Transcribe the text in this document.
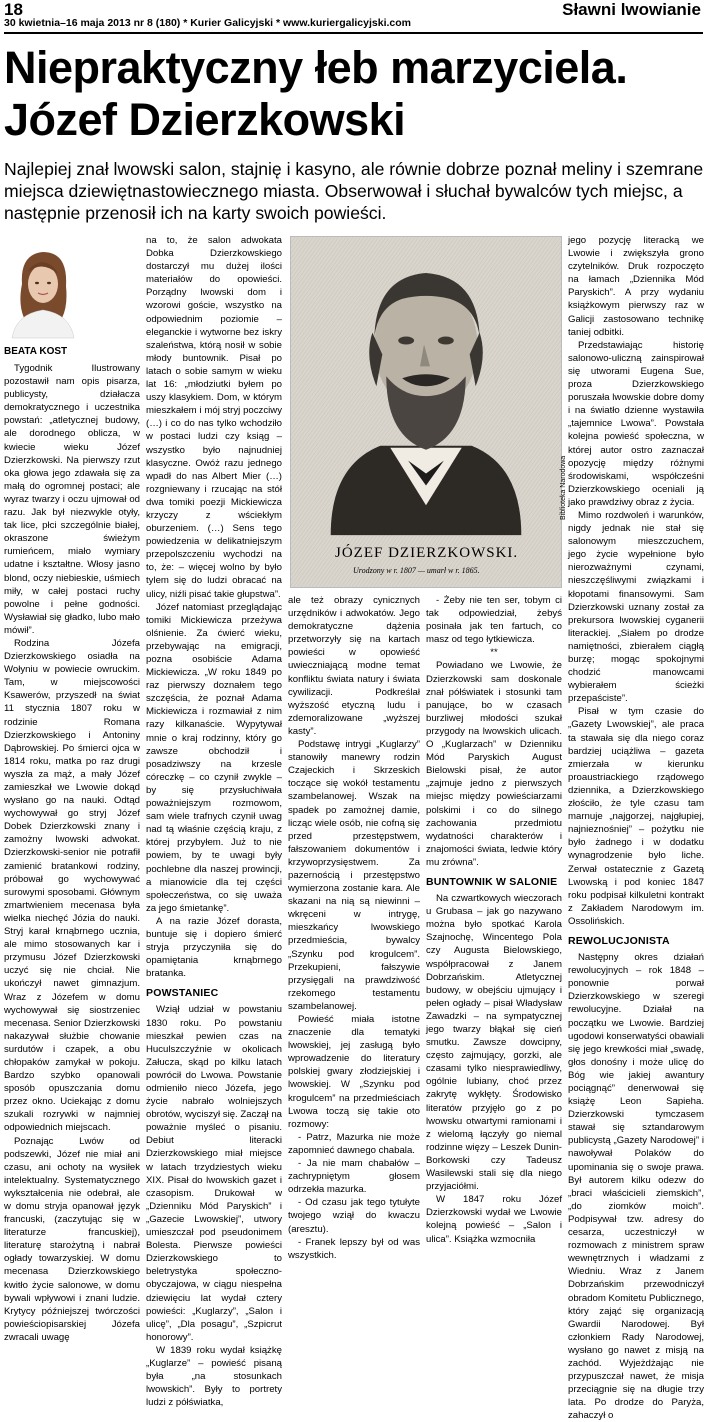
18	Sławni lwowianie
30 kwietnia–16 maja 2013 nr 8 (180) * Kurier Galicyjski * www.kuriergalicyjski.com
Niepraktyczny łeb marzyciela.
Józef Dzierzkowski
Najlepiej znał lwowski salon, stajnię i kasyno, ale równie dobrze poznał meliny i szemrane miejsca dziewiętnastowiecznego miasta. Obserwował i słuchał bywalców tych miejsc, a następnie przenosił ich na karty swoich powieści.
BEATA KOST

Tygodnik Ilustrowany pozostawił nam opis pisarza, publicysty, działacza demokratycznego i uczestnika powstań: „atletycznej budowy, ale dorodnego oblicza, w kwiecie wieku Józef Dzierzkowski. Na pierwszy rzut oka głowa jego zdawała się za małą do ogromnej postaci; ale wyraz twarzy i oczu ujmował od razu. Jak był niezwykle otyły, tak lice, płci szczególnie białej, okraszone świeżym rumieńcem, miało wymiary udatne i kształtne. Włosy jasno blond, oczy niebieskie, uśmiech miły, w całej postaci ruchy powolne i pełne godności. Wysławiał się gładko, lubo mało mówił”.

Rodzina Józefa Dzierzkowskiego osiadła na Wołyniu w powiecie owruckim. Tam, w miejscowości Ksawerów, przyszedł na świat 11 stycznia 1807 roku w rodzinie Romana Dzierzkowskiego i Antoniny Dąbrowskiej. Po śmierci ojca w 1814 roku, matka po raz drugi wyszła za mąż, a mały Józef zamieszkał we Lwowie dokąd wysłano go na nauki. Odtąd wychowywał go stryj Józef Dobek Dzierzkowski znany i zamożny lwowski adwokat. Dzierzkowski-senior nie potrafił zamienić bratankowi rodziny, próbował go wychowywać surowymi sposobami. Głównym zmartwieniem mecenasa była wielka niechęć Józia do nauki. Stryj karał krnąbrnego ucznia, ale mimo stosowanych kar i przymusu Józef Dzierzkowski uczyć się nie chciał. Nie ukończył nawet gimnazjum. Wraz z Józefem w domu wychowywał się siostrzeniec mecenasa. Senior Dzierzkowski nakazywał służbie chowanie surdutów i czapek, a obu chłopaków zamykał w pokoju. Bardzo szybko opanowali sposób opuszczania domu przez okno. Uciekając z domu szukali rozrywki w najmniej odpowiednich miejscach.

Poznając Lwów od podszewki, Józef nie miał ani czasu, ani ochoty na wysiłek intelektualny. Systematycznego wykształcenia nie odebrał, ale w domu stryja opanował język francuski, (zaczytując się w literaturze francuskiej), literaturę starożytną i nabrał ogłady towarzyskiej. W domu mecenasa Dzierzkowskiego kwitło życie salonowe, w domu bywali wpływowi i znani ludzie. Krytycy późniejszej twórczości powieściopisarskiej Józefa zwracali uwagę

na to, że salon adwokata Dobka Dzierzkowskiego dostarczył mu dużej ilości materiałów do opowieści. Porządny lwowski dom i wzorowi goście, wszystko na odpowiednim poziomie – eleganckie i wytworne bez iskry szaleństwa, którą nosił w sobie młody buntownik. Pisał po latach o sobie samym w wieku lat 16: „młodziutki byłem po uszy klasykiem. Dom, w którym mieszkałem i mój stryj poczciwy (…) i co do nas tylko wchodziło w postaci ludzi czy ksiąg – wszystko było najnudniej klasyczne. Owóż razu jednego wpadł do nas Albert Mier (…) rozgniewany i rzucając na stół dwa tomiki poezji Mickiewicza krzyczy z wściekłym oburzeniem. (…) Sens tego powiedzenia w delikatniejszym przepolszczeniu wychodzi na to, że: – więcej wolno by było tylem się do ludzi obracać na ulicy, niźli pisać takie głupstwa”.

Józef natomiast przeglądając tomiki Mickiewicza przeżywa olśnienie. Za ćwierć wieku, przebywając na emigracji, pozna osobiście Adama Mickiewicza. „W roku 1849 po raz pierwszy doznałem tego szczęścia, że poznał Adama Mickiewicza i rozmawiał z nim razy kilkanaście. Wypytywał mnie o kraj rodzinny, który go zawsze obchodził i posadziwszy na krzesle córeczkę – co czynił zwykle – by się przysłuchiwała poważniejszym rozmowom, sam wiele trafnych czynił uwag nad tą właśnie częścią kraju, z której przybyłem. Już to nie powiem, by te uwagi były pochlebne dla naszej prowincji, a mianowicie dla tej części społeczeństwa, co się uważa za jego śmietankę”.

A na razie Józef dorasta, buntuje się i dopiero śmierć stryja przyczyniła się do opamiętania krnąbrnego bratanka.

POWSTANIEC

Wziął udział w powstaniu 1830 roku. Po powstaniu mieszkał pewien czas na Huculszczyźnie w okolicach Załucza, skąd po kilku latach powrócił do Lwowa. Powstanie odmieniło nieco Józefa, jego życie nabrało wolniejszych obrotów, wyciszył się. Zaczął na poważnie myśleć o pisaniu. Debiut literacki Dzierzkowskiego miał miejsce w latach trzydziestych wieku XIX. Pisał do lwowskich gazet i czasopism. Drukował w „Dzienniku Mód Paryskich” i „Gazecie Lwowskiej”, utwory umieszczał pod pseudonimem Bolesta. Pierwsze powieści Dzierzkowskiego to beletrystyka społeczno-obyczajowa, w ciągu niespełna dziewięciu lat wydał cztery powieści: „Kuglarzy”, „Salon i ulicę”, „Dla posagu”, „Szpicrut honorowy”.

W 1839 roku wydał książkę „Kuglarze” – powieść pisaną była „na stosunkach lwowskich”. Były to portrety ludzi z półświatka,

JÓZEF DZIERZKOWSKI.
Urodzony w r. 1807 — umarł w r. 1865.
Biblioteka Narodowa

ale też obrazy cynicznych urzędników i adwokatów. Jego demokratyczne dążenia przetworzyły się na kartach powieści w opowieść uwieczniającą modne temat konfliktu świata natury i świata cywilizacji. Podkreślał wyższość etyczną ludu i zdemoralizowane „wyższej kasty”.

Podstawę intrygi „Kuglarzy” stanowiły manewry rodzin Czajeckich i Skrzeskich toczące się wokół testamentu szambelanowej. Wszak na spadek po zamożnej damie, licząc wiele osób, nie cofną się przed przestępstwem, fałszowaniem dokumentów i krzywoprzysięstwem. Za pazernością i przestępstwo wymierzona zostanie kara. Ale skazani na nią są niewinni – wkręceni w intrygę, mieszkańcy lwowskiego przedmieścia, bywalcy „Szynku pod krogulcem”. Przekupieni, fałszywie przysięgali na prawdziwość rzekomego testamentu szambelanowej.

Powieść miała istotne znaczenie dla tematyki lwowskiej, jej zasługą było wprowadzenie do literatury polskiej gwary złodziejskiej i lwowskiej. W „Szynku pod krogulcem” na przedmieściach Lwowa toczą się takie oto rozmowy:

- Patrz, Mazurka nie może zapomnieć dawnego chabala.

- Ja nie mam chabałów – zachrypniętym głosem odrzekła mazurka.

- Od czasu jak tego tytułyte twojego wziął do kwaczu (aresztu).

- Franek lepszy był od was wszystkich.

- Żeby nie ten ser, tobym ci tak odpowiedział, żebyś posinała jak ten fartuch, co masz od tego łytkiewicza.

**

Powiadano we Lwowie, że Dzierzkowski sam doskonale znał półświatek i stosunki tam panujące, bo w czasach burzliwej młodości szukał przygody na lwowskich ulicach. O „Kuglarzach” w Dzienniku Mód Paryskich August Bielowski pisał, że autor „zajmuje jedno z pierwszych miejsc między powieściarzami polskimi i co do silnego zachowania przedmiotu wydatności charakterów i znajomości świata, ledwie który mu zrówna”.

BUNTOWNIK W SALONIE

Na czwartkowych wieczorach u Grubasa – jak go nazywano można było spotkać Karola Szajnochę, Wincentego Pola czy Augusta Bielowskiego, współpracował z Janem Dobrzańskim. Atletycznej budowy, w obejściu ujmujący i pełen ogłady – pisał Władysław Zawadzki – na sympatycznej jego twarzy błąkał się cień smutku. Zawsze dowcipny, często zajmujący, gorzki, ale czasami tylko niesprawiedliwy, ogólnie lubiany, choć przez zakrytę wykłęty. Środowisko literatów przyjęło go z po lwowsku otwartymi ramionami i z wielomą łączyły go niemal rodzinne więzy – Leszek Dunin-Borkowski czy Tadeusz Wasilewski stali się dla niego przyjaciółmi.

W 1847 roku Józef Dzierzkowski wydał we Lwowie kolejną powieść – „Salon i ulica”. Książka wzmocniła

jego pozycję literacką we Lwowie i zwiększyła grono czytelników. Druk rozpoczęto na łamach „Dziennika Mód Paryskich”. A przy wydaniu książkowym pierwszy raz w Galicji zastosowano technikę taniej odbitki.

Przedstawiając historię salonowo-uliczną zainspirował się utworami Eugena Sue, proza Dzierzkowskiego poruszała lwowskie dobre domy i na światło dzienne wystawiła „tajemnice Lwowa”. Powstała kolejna powieść społeczna, w której autor ostro zaznaczał opozycję między różnymi środowiskami, współcześni Dzierzkowskiego oceniali ją jako prawdziwy obraz z życia.

Mimo rozdwoleń i warunków, nigdy jednak nie stał się salonowym mieszczuchem, jego życie wypełnione było nierozważnymi czynami, nieszczęśliwymi związkami i kłopotami finansowymi. Sam Dzierzkowski uznany został za prekursora lwowskiej cyganerii literackiej. „Siałem po drodze namiętności, zbierałem ciągłą burzę; mogąc spokojnymi chodzić manowcami wybierałem ścieżki przepaściste”.

Pisał w tym czasie do „Gazety Lwowskiej”, ale praca ta stawała się dla niego coraz bardziej uciążliwa – gazeta zmierzała w kierunku proaustriackiego rządowego dziennika, a Dzierzkowskiego złościło, że tyle czasu tam marnuje „najgorzej, najgłupiej, najnieznośniej” – pożytku nie było żadnego i w dodatku wynagrodzenie było liche. Zerwał ostatecznie z Gazetą Lwowską i pod koniec 1847 roku podpisał kilkuletni kontrakt z Zakładem Narodowym im. Ossolińskich.

REWOLUCJONISTA

Następny okres działań rewolucyjnych – rok 1848 – ponownie porwał Dzierzkowskiego w szeregi rewolucyjne. Działał na początku we Lwowie. Bardziej ugodowi konserwatyści obawiali się jego krewkości miał „swadę, głos donośny i może ulicę do Bóg wie jakiej awantury pociągnąć” denerwował się książę Leon Sapieha. Dzierzkowski tymczasem stawał się sztandarowym publicystą „Gazety Narodowej” i nawoływał Polaków do upominania się o swoje prawa. Był autorem kilku odezw do „braci właścicieli ziemskich”, „do ziomków moich”. Podpisywał tzw. adresy do cesarza, uczestniczył w rozmowach z ministrem spraw wewnętrznych i władzami z Wiedniu. Wraz z Janem Dobrzańskim przewodniczył obradom Komitetu Publicznego, który zająć się organizacją Gwardii Narodowej. Był członkiem Rady Narodowej, wysłano go nawet z misją na zachód. Wyjeżdżając nie przypuszczał nawet, że misja przeciągnie się na długie trzy lata. Po drodze do Paryża, zahaczył o
